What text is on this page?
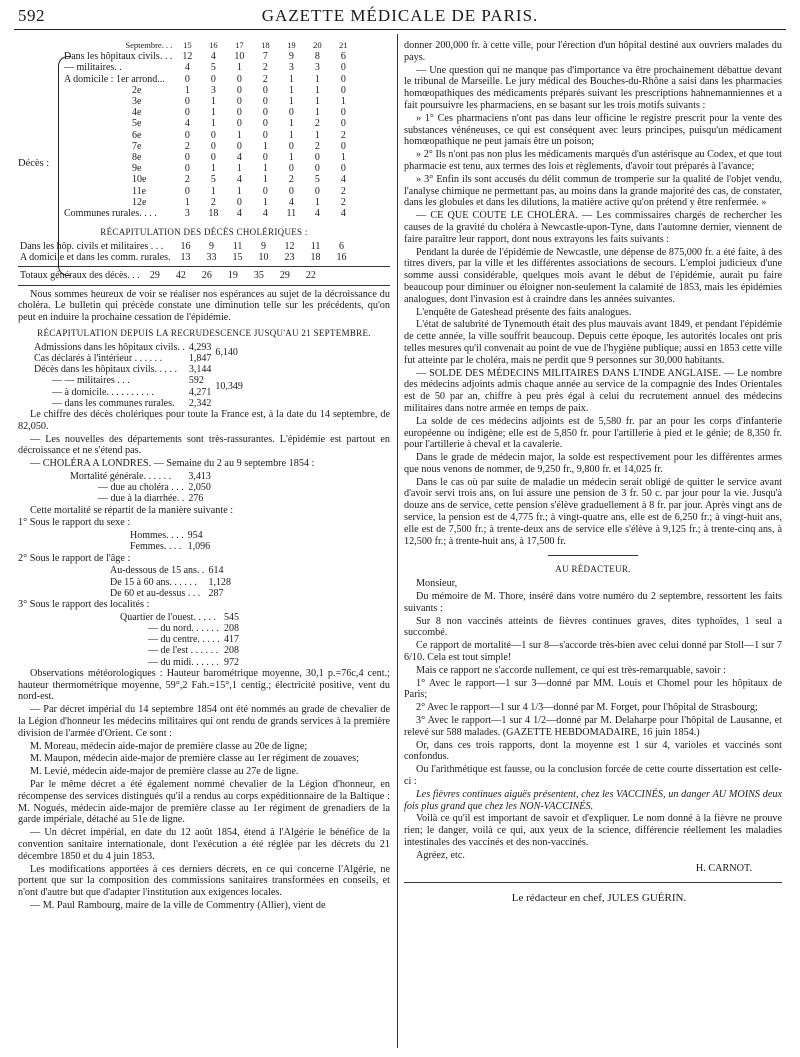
592	GAZETTE MÉDICALE DE PARIS.
Décès :
Septembre. . .	15	16	17	18	19	20	21
Dans les hôpitaux civils. . .	12	4	10	7	9	8	6
— militaires. .	4	5	1	2	3	3	0
A domicile : 1er arrond...	0	0	0	2	1	1	0
2e	1	3	0	0	1	1	0
3e	0	1	0	0	1	1	1
4e	0	1	0	0	0	1	0
5e	4	1	0	0	1	2	0
6e	0	0	1	0	1	1	2
7e	2	0	0	1	0	2	0
8e	0	0	4	0	1	0	1
9e	0	1	1	1	0	0	0
10e	2	5	4	1	2	5	4
11e	0	1	1	0	0	0	2
12e	1	2	0	1	4	1	2
Communes rurales. . . .	3	18	4	4	11	4	4
RÉCAPITULATION DES DÉCÈS CHOLÉRIQUES :
Dans les hôp. civils et militaires . . .	16	9	11	9	12	11	6
A domicile et dans les comm. rurales.	13	33	15	10	23	18	16
Totaux généraux des décès. . .	29	42	26	19	35	29	22

Nous sommes heureux de voir se réaliser nos espérances au sujet de la décroissance du choléra. Le bulletin qui précède constate une diminution telle sur les précédents, qu'on peut en induire la prochaine cessation de l'épidémie.

RÉCAPITULATION DEPUIS LA RECRUDESCENCE JUSQU'AU 21 SEPTEMBRE.
Admissions dans les hôpitaux civils. .	4,293	6,140
Cas déclarés à l'intérieur . . . . . .	1,847	
Décès dans les hôpitaux civils. . . . .	3,144	10,349
— — militaires . . .	592	
— à domicile. . . . . . . . . .	4,271	
— dans les communes rurales.	2,342	

Le chiffre des décès cholériques pour toute la France est, à la date du 14 septembre, de 82,050.

— Les nouvelles des départements sont très-rassurantes. L'épidémie est partout en décroissance et ne s'étend pas.

— CHOLÉRA A LONDRES. — Semaine du 2 au 9 septembre 1854 :

Mortalité générale. . . . . .	3,413
— due au choléra . . .	2,050
— due à la diarrhée. .	276

Cette mortalité se répartit de la manière suivante :

1° Sous le rapport du sexe :

Hommes. . . .	954
Femmes. . . .	1,096

2° Sous le rapport de l'âge :

Au-dessous de 15 ans. .	614
De 15 à 60 ans. . . . . .	1,128
De 60 et au-dessus . . .	287

3° Sous le rapport des localités :

Quartier de l'ouest. . . . .	545
— du nord. . . . . .	208
— du centre. . . . .	417
— de l'est . . . . . .	208
— du midi. . . . . .	972

Observations météorologiques : Hauteur barométrique moyenne, 30,1 p.=76c,4 cent.; hauteur thermométrique moyenne, 59°,2 Fah.=15°,1 centig.; électricité positive, vent du nord-est.

— Par décret impérial du 14 septembre 1854 ont été nommés au grade de chevalier de la Légion d'honneur les médecins militaires qui ont rendu de grands services à la première division de l'armée d'Orient. Ce sont :

M. Moreau, médecin aide-major de première classe au 20e de ligne;

M. Maupon, médecin aide-major de première classe au 1er régiment de zouaves;

M. Levié, médecin aide-major de première classe au 27e de ligne.

Par le même décret a été également nommé chevalier de la Légion d'honneur, en récompense des services distingués qu'il a rendus au corps expéditionnaire de la Baltique : M. Nogués, médecin aide-major de première classe au 1er régiment de grenadiers de la garde impériale, détaché au 51e de ligne.

— Un décret impérial, en date du 12 août 1854, étend à l'Algérie le bénéfice de la convention sanitaire internationale, dont l'exécution a été réglée par les décrets du 21 décembre 1850 et du 4 juin 1853.

Les modifications apportées à ces derniers décrets, en ce qui concerne l'Algérie, ne portent que sur la composition des commissions sanitaires transformées en conseils, et n'ont d'autre but que d'adapter l'institution aux exigences locales.

— M. Paul Rambourg, maire de la ville de Commentry (Allier), vient de

donner 200,000 fr. à cette ville, pour l'érection d'un hôpital destiné aux ouvriers malades du pays.

— Une question qui ne manque pas d'importance va être prochainement débattue devant le tribunal de Marseille. Le jury médical des Bouches-du-Rhône a saisi dans les pharmacies homœopathiques des médicaments préparés suivant les prescriptions hahnemanniennes et a fait poursuivre les pharmaciens, en se basant sur les trois motifs suivants :

» 1° Ces pharmaciens n'ont pas dans leur officine le registre prescrit pour la vente des substances vénéneuses, ce qui est conséquent avec leurs principes, puisqu'un médicament homœopathique ne peut jamais être un poison;

» 2° Ils n'ont pas non plus les médicaments marqués d'un astérisque au Codex, et que tout pharmacie est tenu, aux termes des lois et règlements, d'avoir tout préparés à l'avance;

» 3° Enfin ils sont accusés du délit commun de tromperie sur la qualité de l'objet vendu, l'analyse chimique ne permettant pas, au moins dans la grande majorité des cas, de constater, dans les globules et dans les dilutions, la matière active qu'on prétend y être renfermée. »

— CE QUE COUTE LE CHOLÉRA. — Les commissaires chargés de rechercher les causes de la gravité du choléra à Newcastle-upon-Tyne, dans l'automne dernier, viennent de faire paraître leur rapport, dont nous extrayons les faits suivants :

Pendant la durée de l'épidémie de Newcastle, une dépense de 875,000 fr. a été faite, à des titres divers, par la ville et les différentes associations de secours. L'emploi judicieux d'une somme aussi considérable, quelques mois avant le début de l'épidémie, aurait pu faire beaucoup pour diminuer ou éloigner non-seulement la calamité de 1853, mais les épidémies analogues, dont l'invasion est à craindre dans les années suivantes.

L'enquête de Gateshead présente des faits analogues.

L'état de salubrité de Tynemouth était des plus mauvais avant 1849, et pendant l'épidémie de cette année, la ville souffrit beaucoup. Depuis cette époque, les autorités locales ont pris telles mesures qu'il convenait au point de vue de l'hygiène publique; aussi en 1853 cette ville fut atteinte par le choléra, mais ne perdit que 9 personnes sur 30,000 habitants.

— SOLDE DES MÉDECINS MILITAIRES DANS L'INDE ANGLAISE. — Le nombre des médecins adjoints admis chaque année au service de la compagnie des Indes Orientales est de 50 par an, chiffre à peu près égal à celui du recrutement annuel des médecins militaires dans notre armée en temps de paix.

La solde de ces médecins adjoints est de 5,580 fr. par an pour les corps d'infanterie européenne ou indigène; elle est de 5,850 fr. pour l'artillerie à pied et le génie; de 8,350 fr. pour l'artillerie à cheval et la cavalerie.

Dans le grade de médecin major, la solde est respectivement pour les différentes armes que nous venons de nommer, de 9,250 fr., 9,800 fr. et 14,025 fr.

Dans le cas où par suite de maladie un médecin serait obligé de quitter le service avant d'avoir servi trois ans, on lui assure une pension de 3 fr. 50 c. par jour pour la vie. Jusqu'à douze ans de service, cette pension s'élève graduellement à 8 fr. par jour. Après vingt ans de service, la pension est de 4,775 fr.; à vingt-quatre ans, elle est de 6,250 fr.; à vingt-huit ans, elle est de 7,500 fr.; à trente-deux ans de service elle s'élève à 9,125 fr.; à trente-cinq ans, à 12,500 fr.; à trente-huit ans, à 17,500 fr.

AU RÉDACTEUR.

Monsieur,

Du mémoire de M. Thore, inséré dans votre numéro du 2 septembre, ressortent les faits suivants :

Sur 8 non vaccinés atteints de fièvres continues graves, dites typhoïdes, 1 seul a succombé.

Ce rapport de mortalité—1 sur 8—s'accorde très-bien avec celui donné par Stoll—1 sur 7 6/10. Cela est tout simple!

Mais ce rapport ne s'accorde nullement, ce qui est très-remarquable, savoir :

1° Avec le rapport—1 sur 3—donné par MM. Louis et Chomel pour les hôpitaux de Paris;

2° Avec le rapport—1 sur 4 1/3—donné par M. Forget, pour l'hôpital de Strasbourg;

3° Avec le rapport—1 sur 4 1/2—donné par M. Delaharpe pour l'hôpital de Lausanne, et relevé sur 588 malades. (GAZETTE HEBDOMADAIRE, 16 juin 1854.)

Or, dans ces trois rapports, dont la moyenne est 1 sur 4, varioles et vaccinés sont confondus.

Ou l'arithmétique est fausse, ou la conclusion forcée de cette courte dissertation est celle-ci :

Les fièvres continues aiguës présentent, chez les VACCINÉS, un danger AU MOINS deux fois plus grand que chez les NON-VACCINÉS.

Voilà ce qu'il est important de savoir et d'expliquer. Le nom donné à la fièvre ne prouve rien; le danger, voilà ce qui, aux yeux de la science, différencie réellement les maladies intestinales des vaccinés et des non-vaccinés.

Agréez, etc.

H. CARNOT.

Le rédacteur en chef, JULES GUÉRIN.
